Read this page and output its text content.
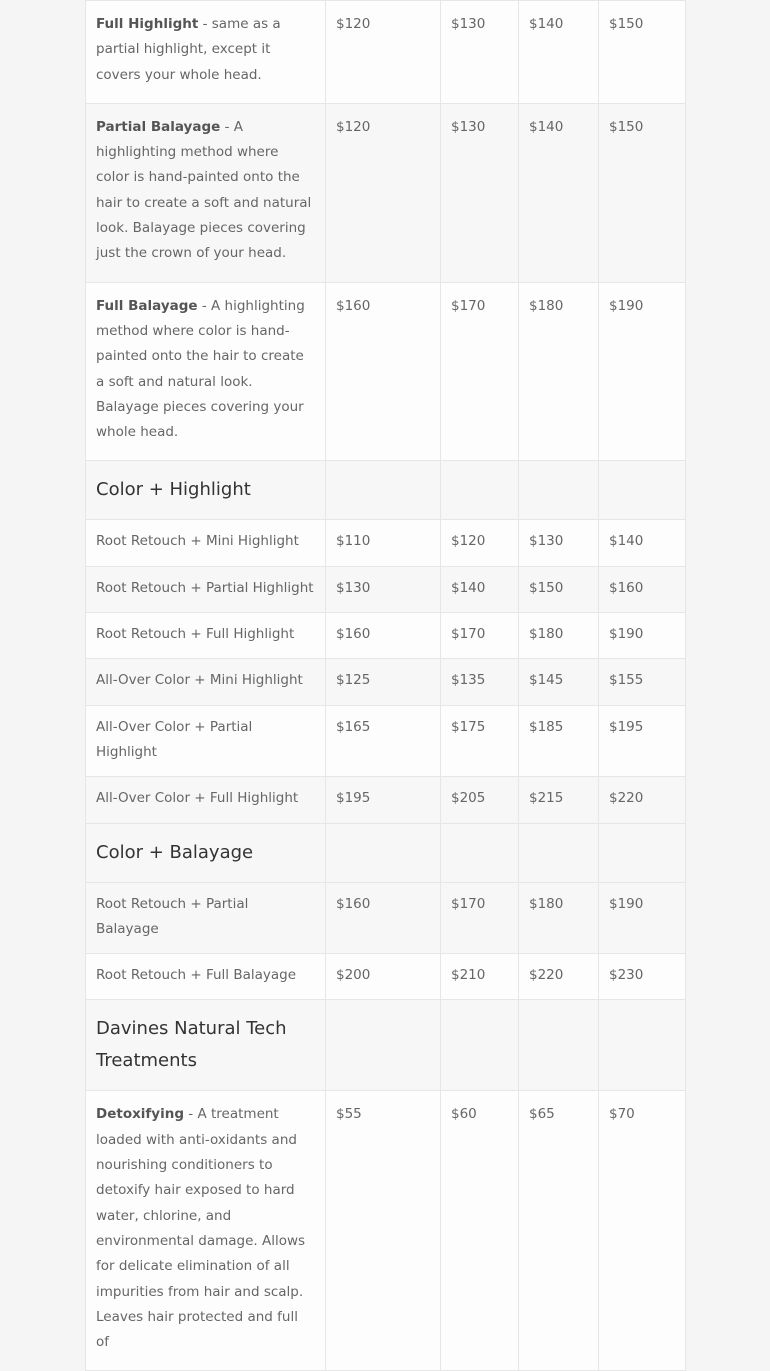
Full Highlight - same as a partial highlight, except it covers your whole head.	$120	$130	$140	$150
Partial Balayage - A highlighting method where color is hand-painted onto the hair to create a soft and natural look. Balayage pieces covering just the crown of your head.	$120	$130	$140	$150
Full Balayage - A highlighting method where color is hand-painted onto the hair to create a soft and natural look. Balayage pieces covering your whole head.	$160	$170	$180	$190
Color + Highlight				
Root Retouch + Mini Highlight	$110	$120	$130	$140
Root Retouch + Partial Highlight	$130	$140	$150	$160
Root Retouch + Full Highlight	$160	$170	$180	$190
All-Over Color + Mini Highlight	$125	$135	$145	$155
All-Over Color + Partial Highlight	$165	$175	$185	$195
All-Over Color + Full Highlight	$195	$205	$215	$220
Color + Balayage				
Root Retouch + Partial Balayage	$160	$170	$180	$190
Root Retouch + Full Balayage	$200	$210	$220	$230
Davines Natural Tech Treatments				
Detoxifying - A treatment loaded with anti-oxidants and nourishing conditioners to detoxify hair exposed to hard water, chlorine, and environmental damage. Allows for delicate elimination of all impurities from hair and scalp. Leaves hair protected and full of	$55	$60	$65	$70
